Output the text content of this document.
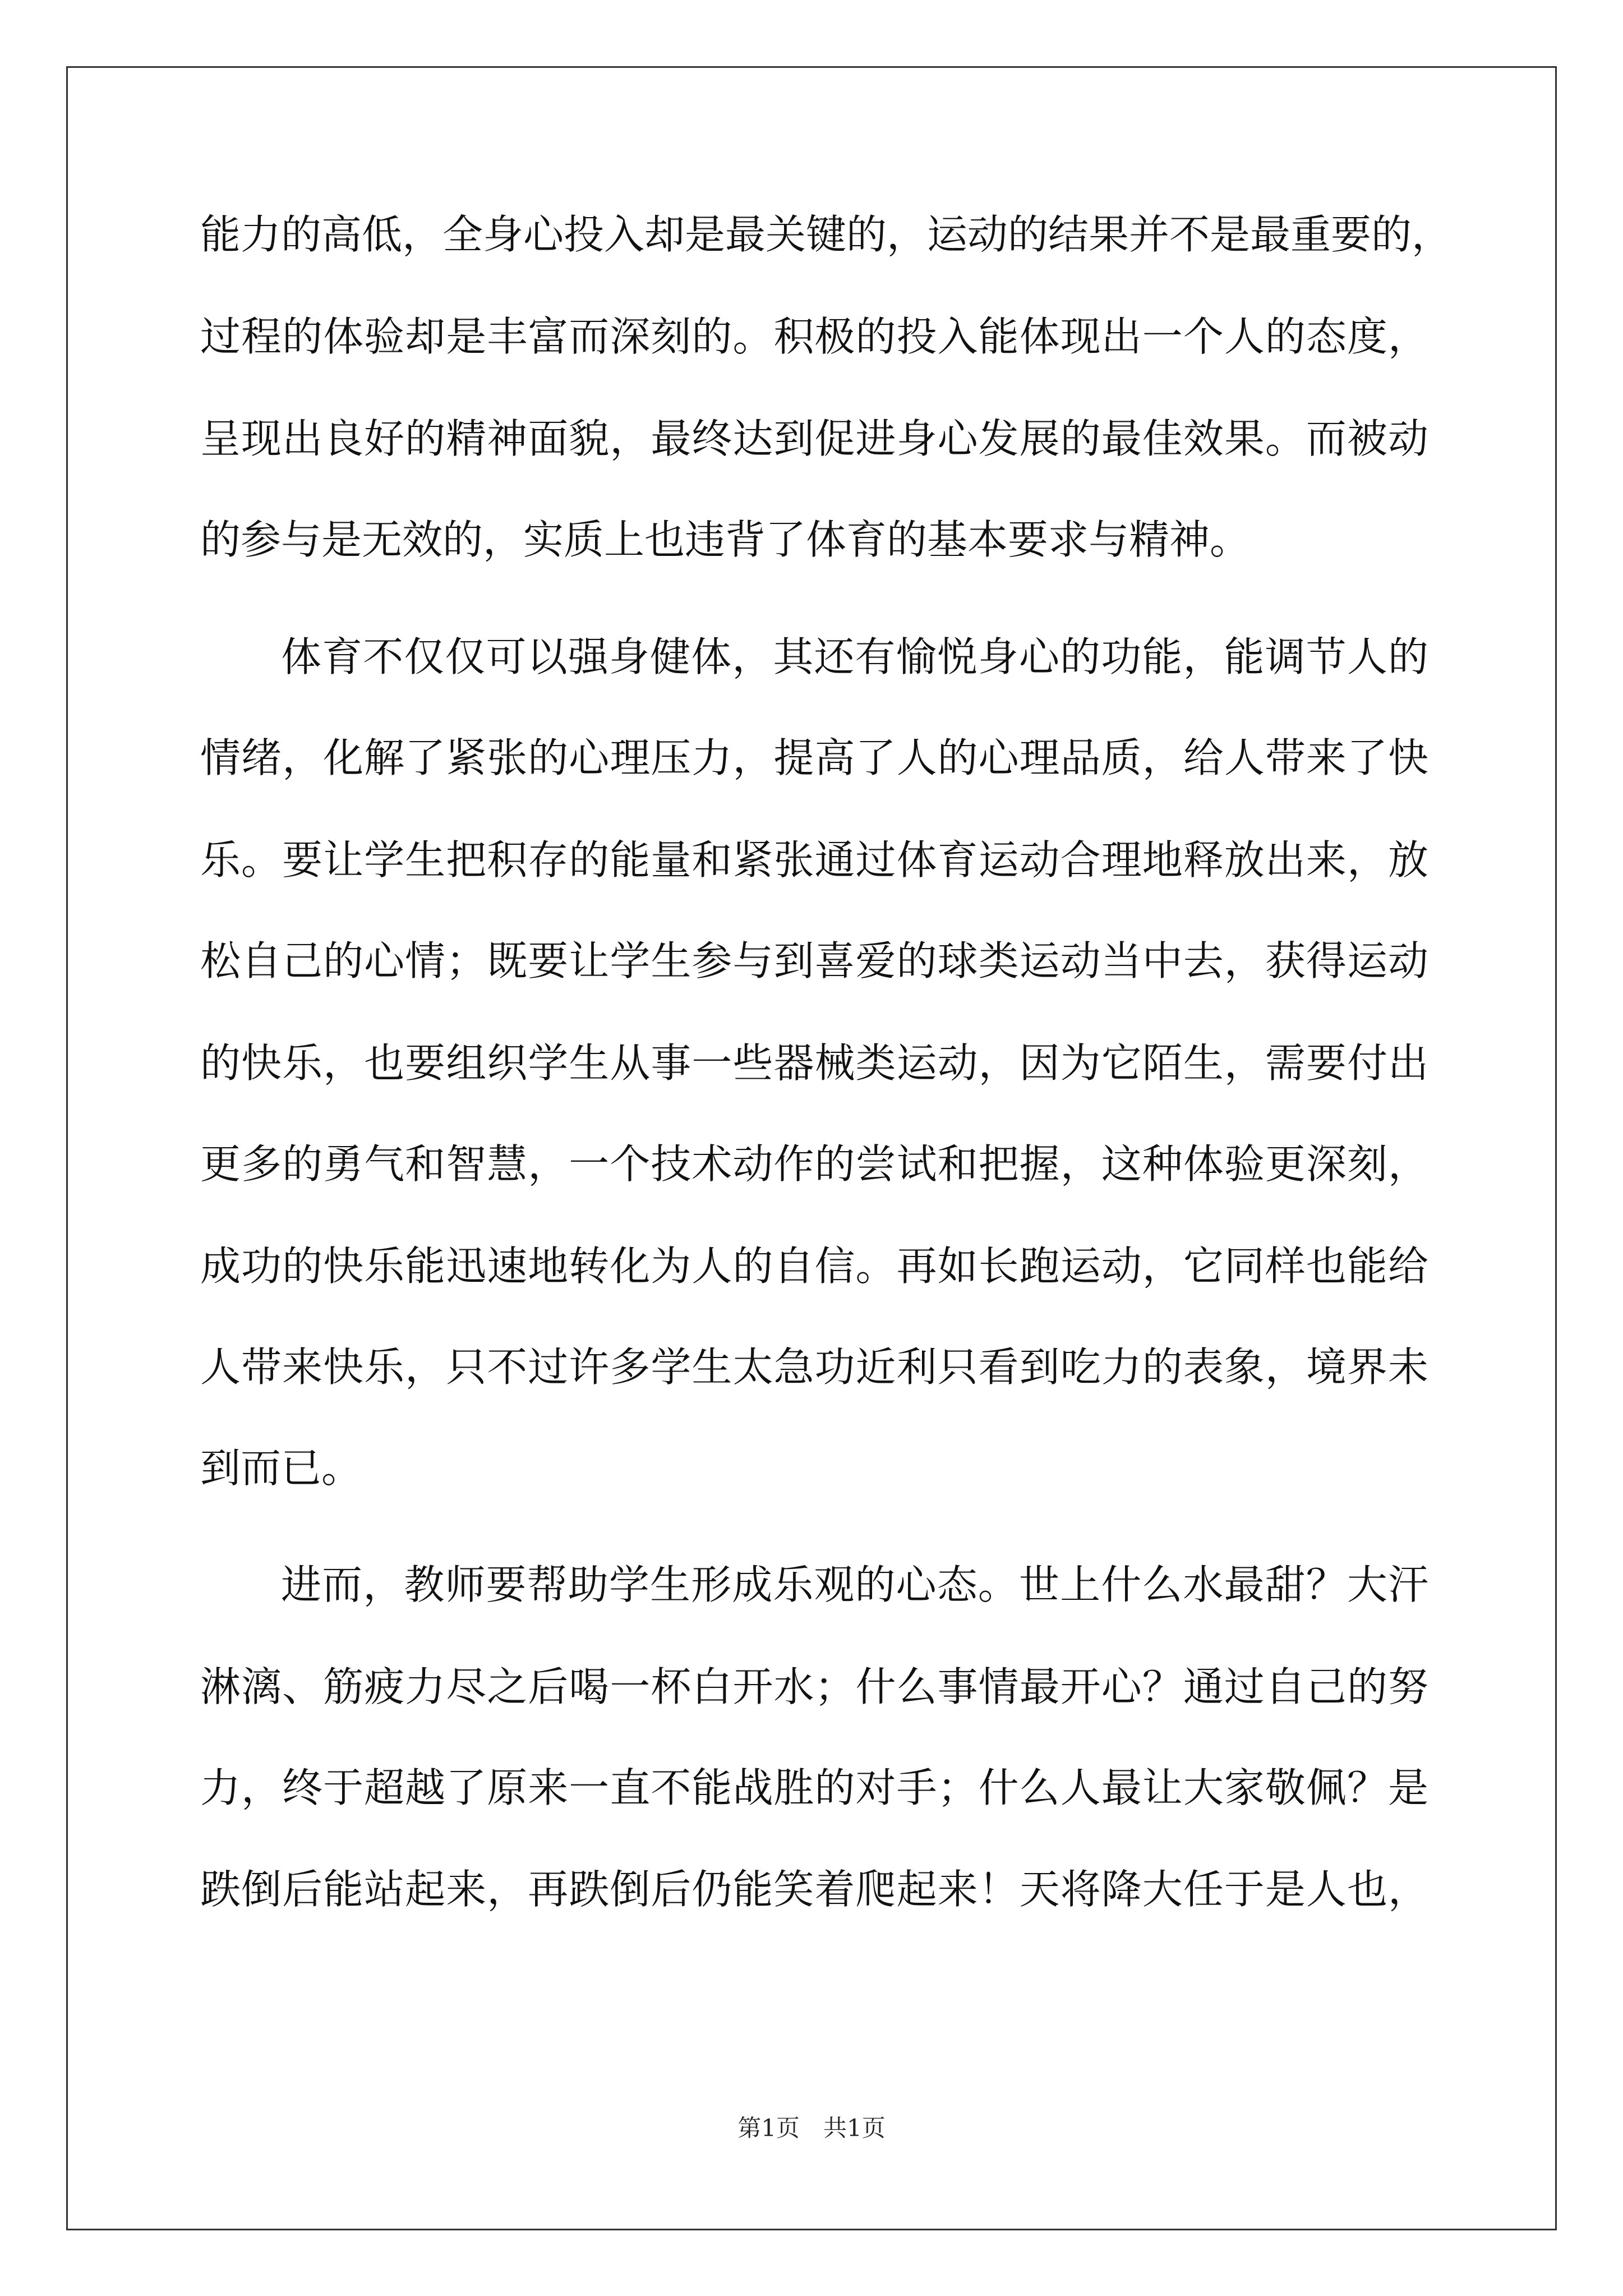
能力的高低，全身心投入却是最关键的，运动的结果并不是最重要的，
过程的体验却是丰富而深刻的。积极的投入能体现出一个人的态度，
呈现出良好的精神面貌，最终达到促进身心发展的最佳效果。而被动
的参与是无效的，实质上也违背了体育的基本要求与精神。
体育不仅仅可以强身健体，其还有愉悦身心的功能，能调节人的
情绪，化解了紧张的心理压力，提高了人的心理品质，给人带来了快
乐。要让学生把积存的能量和紧张通过体育运动合理地释放出来，放
松自己的心情；既要让学生参与到喜爱的球类运动当中去，获得运动
的快乐，也要组织学生从事一些器械类运动，因为它陌生，需要付出
更多的勇气和智慧，一个技术动作的尝试和把握，这种体验更深刻，
成功的快乐能迅速地转化为人的自信。再如长跑运动，它同样也能给
人带来快乐，只不过许多学生太急功近利只看到吃力的表象，境界未
到而已。
进而，教师要帮助学生形成乐观的心态。世上什么水最甜？大汗
淋漓、筋疲力尽之后喝一杯白开水；什么事情最开心？通过自己的努
力，终于超越了原来一直不能战胜的对手；什么人最让大家敬佩？是
跌倒后能站起来，再跌倒后仍能笑着爬起来！天将降大任于是人也，
第1页　共1页
